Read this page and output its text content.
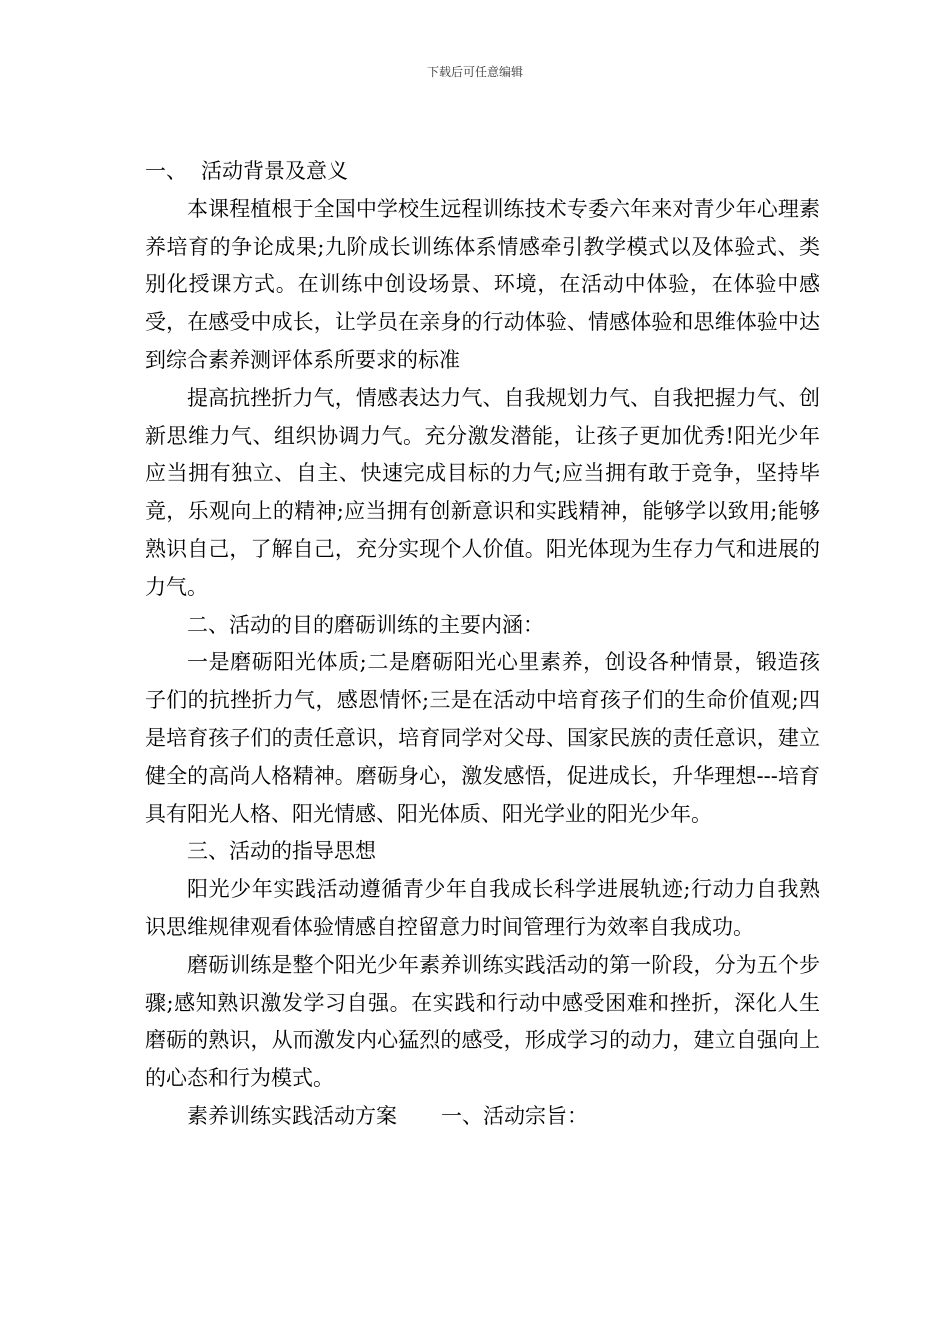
下载后可任意编辑

一、 活动背景及意义

本课程植根于全国中学校生远程训练技术专委六年来对青少年心理素养培育的争论成果;九阶成长训练体系情感牵引教学模式以及体验式、类别化授课方式。在训练中创设场景、环境，在活动中体验，在体验中感受，在感受中成长，让学员在亲身的行动体验、情感体验和思维体验中达到综合素养测评体系所要求的标准

提高抗挫折力气，情感表达力气、自我规划力气、自我把握力气、创新思维力气、组织协调力气。充分激发潜能，让孩子更加优秀!阳光少年应当拥有独立、自主、快速完成目标的力气;应当拥有敢于竞争，坚持毕竟，乐观向上的精神;应当拥有创新意识和实践精神，能够学以致用;能够熟识自己，了解自己，充分实现个人价值。阳光体现为生存力气和进展的力气。

二、活动的目的磨砺训练的主要内涵：

一是磨砺阳光体质;二是磨砺阳光心里素养，创设各种情景，锻造孩子们的抗挫折力气，感恩情怀;三是在活动中培育孩子们的生命价值观;四是培育孩子们的责任意识，培育同学对父母、国家民族的责任意识，建立健全的高尚人格精神。磨砺身心，激发感悟，促进成长，升华理想---培育具有阳光人格、阳光情感、阳光体质、阳光学业的阳光少年。

三、活动的指导思想

阳光少年实践活动遵循青少年自我成长科学进展轨迹;行动力自我熟识思维规律观看体验情感自控留意力时间管理行为效率自我成功。

磨砺训练是整个阳光少年素养训练实践活动的第一阶段，分为五个步骤;感知熟识激发学习自强。在实践和行动中感受困难和挫折，深化人生磨砺的熟识，从而激发内心猛烈的感受，形成学习的动力，建立自强向上的心态和行为模式。

素养训练实践活动方案 一、活动宗旨：
